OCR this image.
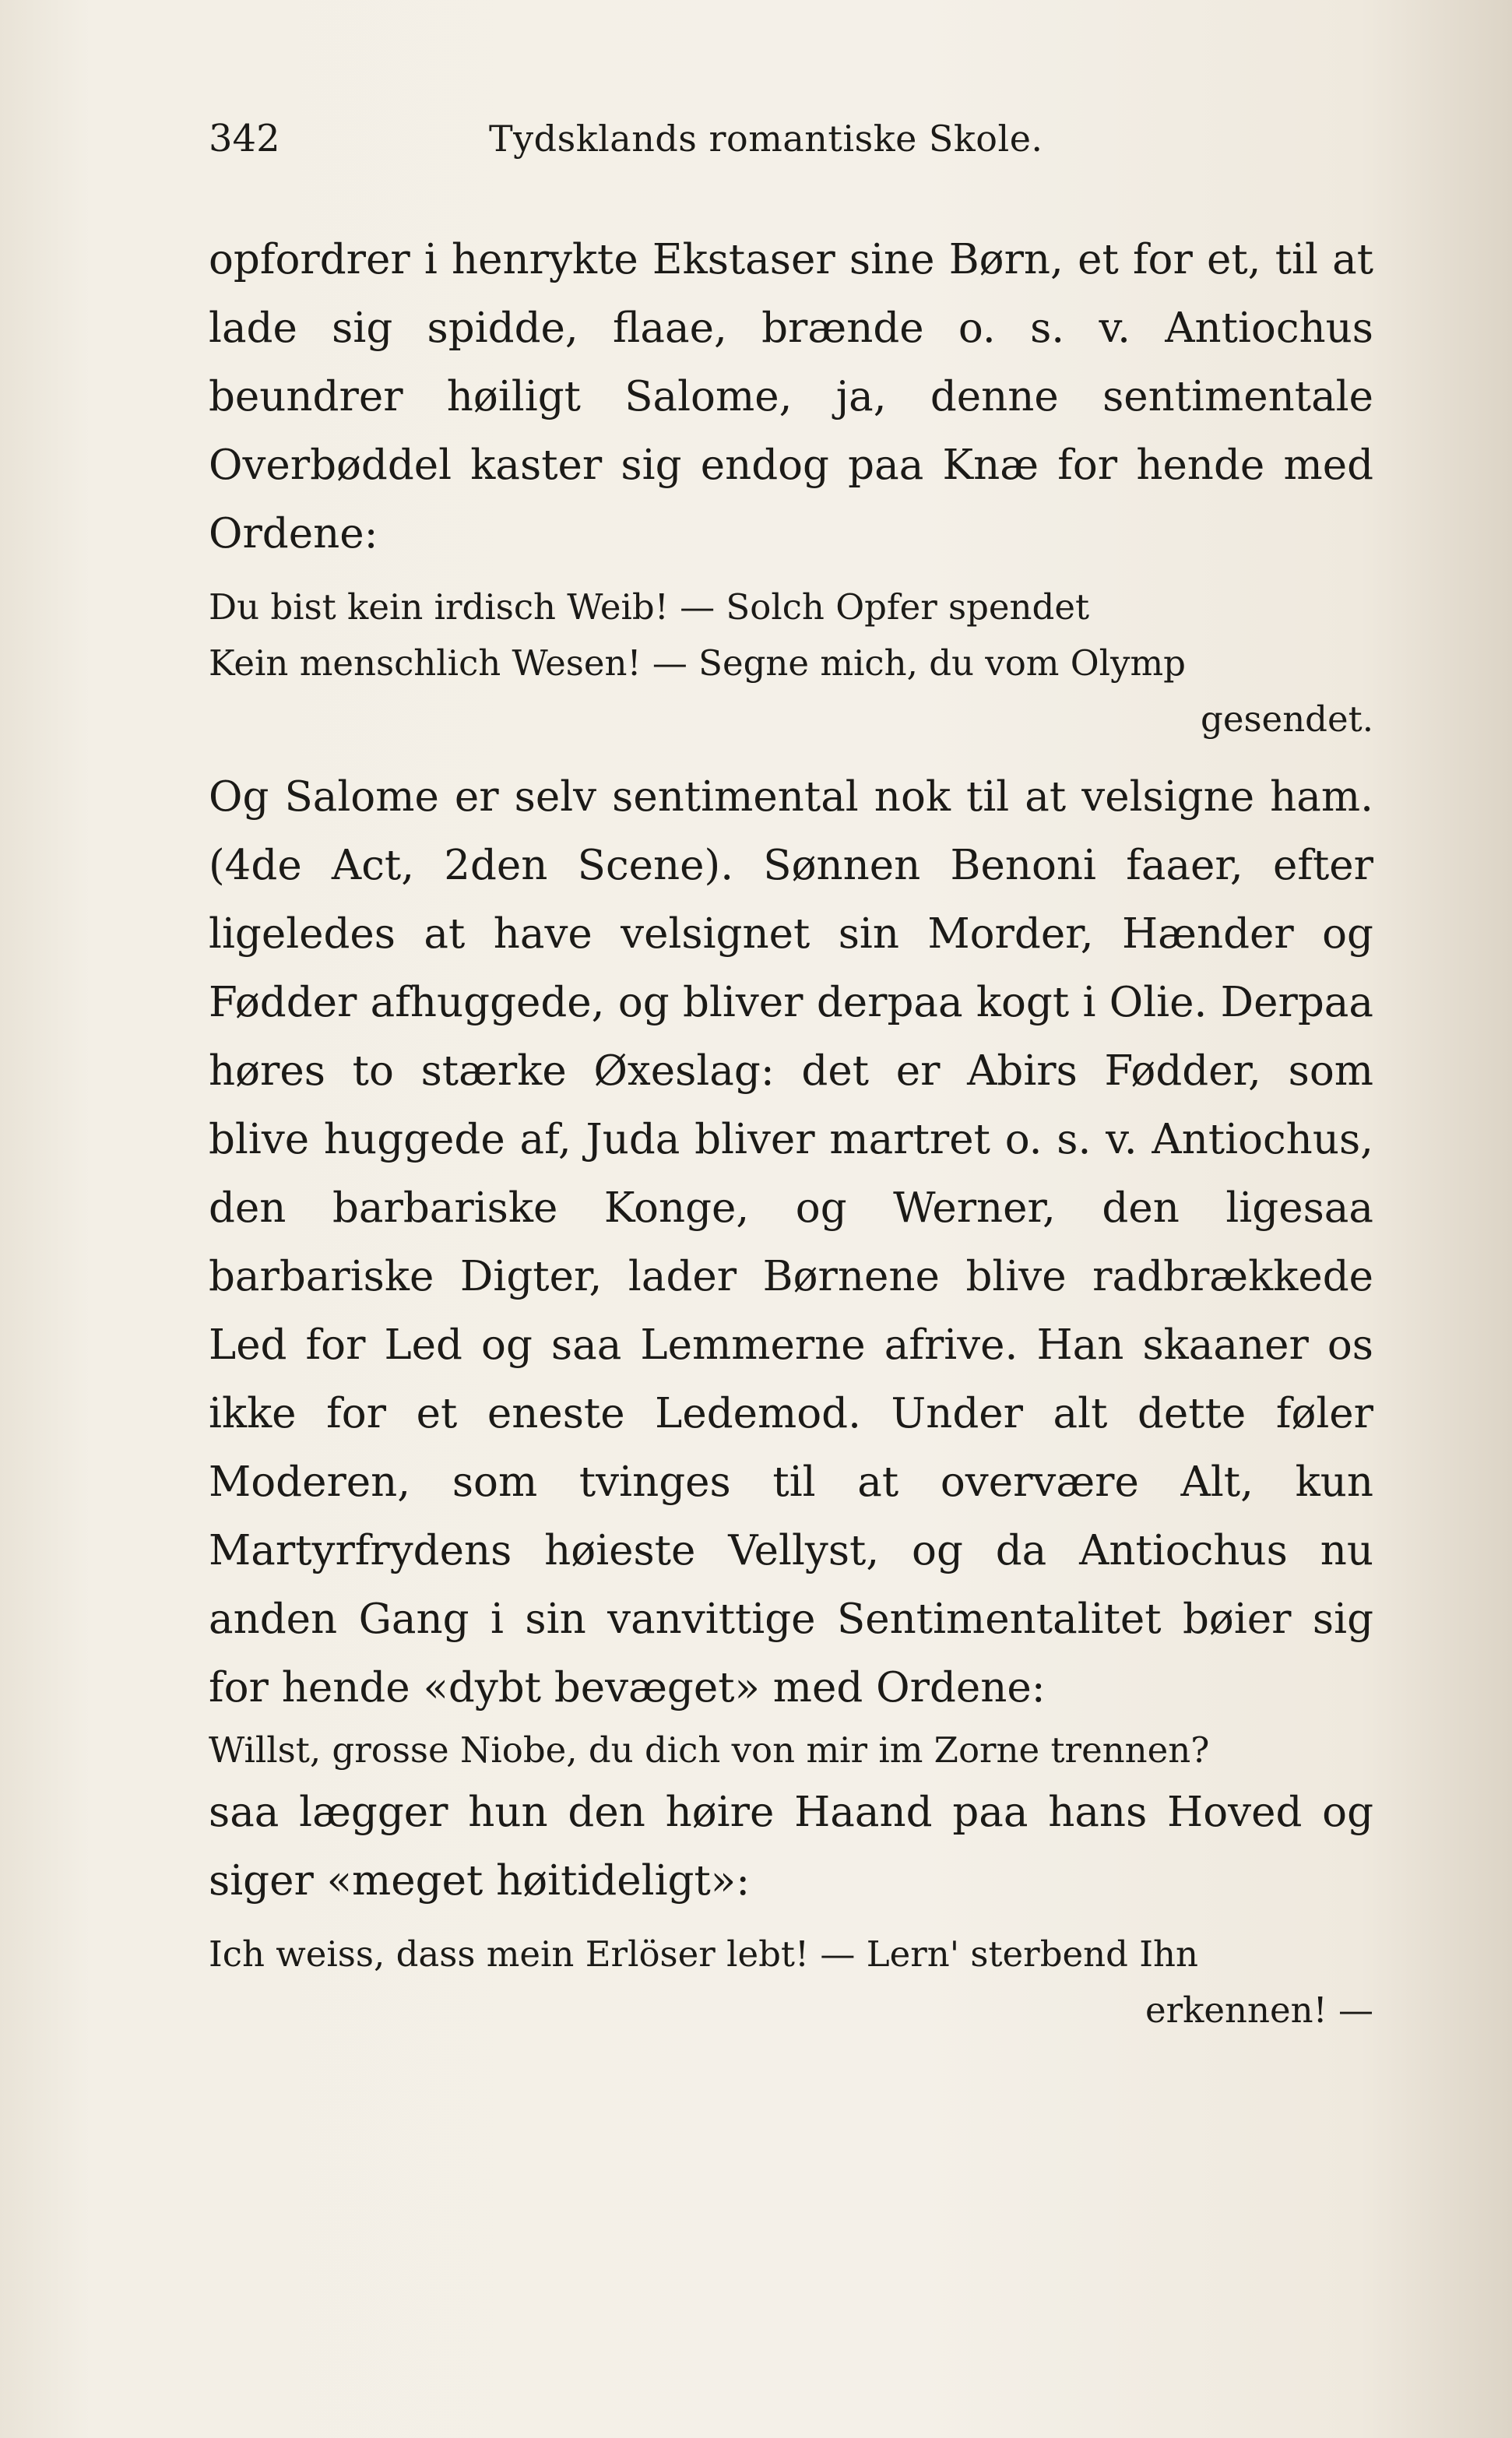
342	Tydsklands romantiske Skole.

opfordrer i henrykte Ekstaser sine Børn, et for et, til at lade sig spidde, flaae, brænde o. s. v. Antiochus beundrer høiligt Salome, ja, denne sentimentale Overbøddel kaster sig endog paa Knæ for hende med Ordene:

Du bist kein irdisch Weib! — Solch Opfer spendet
Kein menschlich Wesen! — Segne mich, du vom Olymp
gesendet.

Og Salome er selv sentimental nok til at velsigne ham. (4de Act, 2den Scene). Sønnen Benoni faaer, efter ligeledes at have velsignet sin Morder, Hænder og Fødder afhuggede, og bliver derpaa kogt i Olie. Derpaa høres to stærke Øxeslag: det er Abirs Fødder, som blive huggede af, Juda bliver martret o. s. v. Antiochus, den barbariske Konge, og Werner, den ligesaa barbariske Digter, lader Børnene blive radbrækkede Led for Led og saa Lemmerne afrive. Han skaaner os ikke for et eneste Ledemod. Under alt dette føler Moderen, som tvinges til at overvære Alt, kun Martyrfrydens høieste Vellyst, og da Antiochus nu anden Gang i sin vanvittige Sentimentalitet bøier sig for hende «dybt bevæget» med Ordene:

Willst, grosse Niobe, du dich von mir im Zorne trennen?

saa lægger hun den høire Haand paa hans Hoved og siger «meget høitideligt»:

Ich weiss, dass mein Erlöser lebt! — Lern' sterbend Ihn
erkennen! —
